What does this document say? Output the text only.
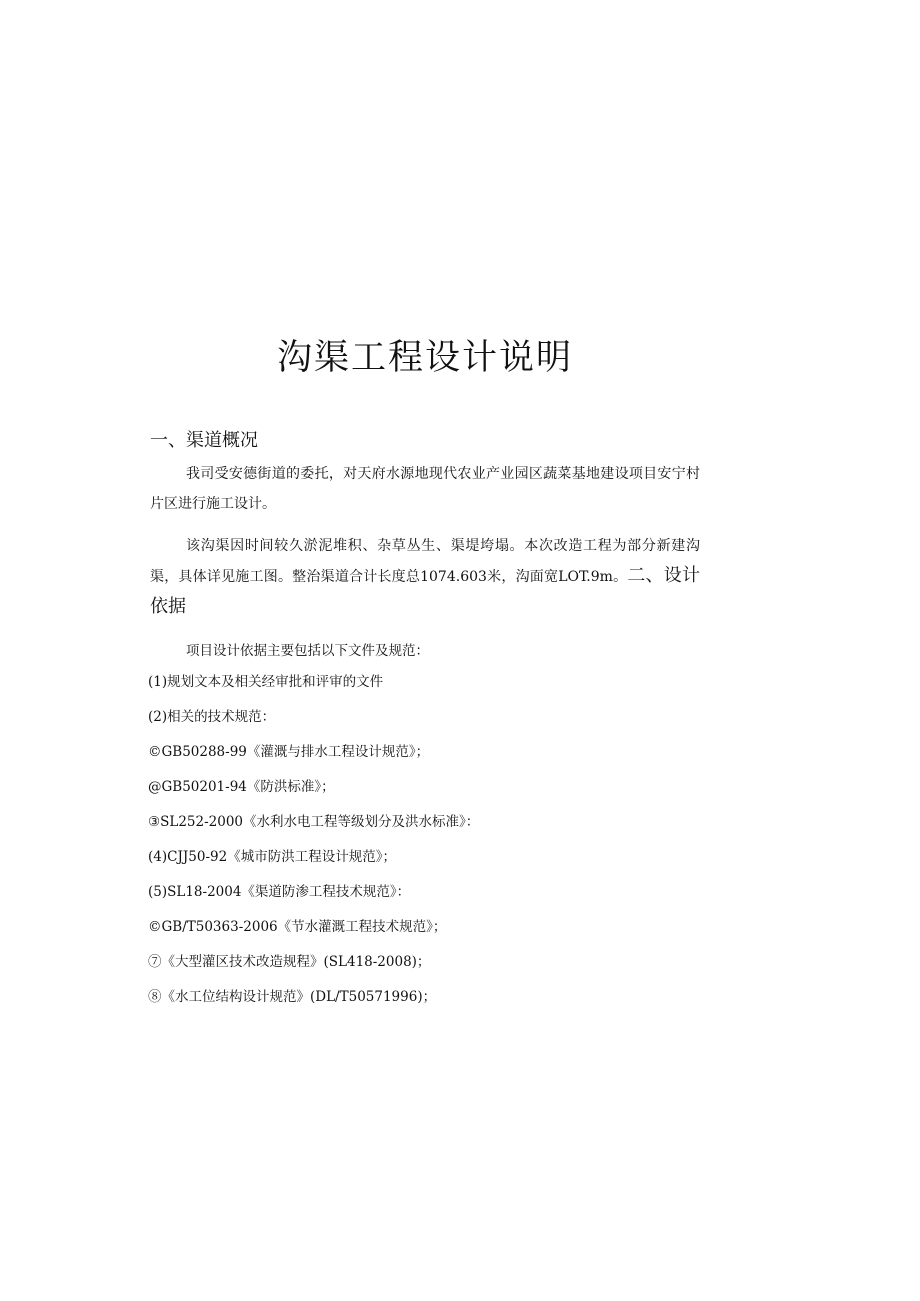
沟渠工程设计说明
一、渠道概况

我司受安德街道的委托，对天府水源地现代农业产业园区蔬菜基地建设项目安宁村片区进行施工设计。

该沟渠因时间较久淤泥堆积、杂草丛生、渠堤垮塌。本次改造工程为部分新建沟渠，具体详见施工图。整治渠道合计长度总1074.603米，沟面宽LOT.9m。二、设计依据

项目设计依据主要包括以下文件及规范：

(1)规划文本及相关经审批和评审的文件

(2)相关的技术规范：

©GB50288-99《灌溉与排水工程设计规范》；

@GB50201-94《防洪标准》；

③SL252-2000《水利水电工程等级划分及洪水标准》：

(4)CJJ50-92《城市防洪工程设计规范》；

(5)SL18-2004《渠道防渗工程技术规范》：

©GB/T50363-2006《节水灌溉工程技术规范》；

⑦《大型灌区技术改造规程》(SL418-2008)；

⑧《水工位结构设计规范》(DL/T50571996)；
